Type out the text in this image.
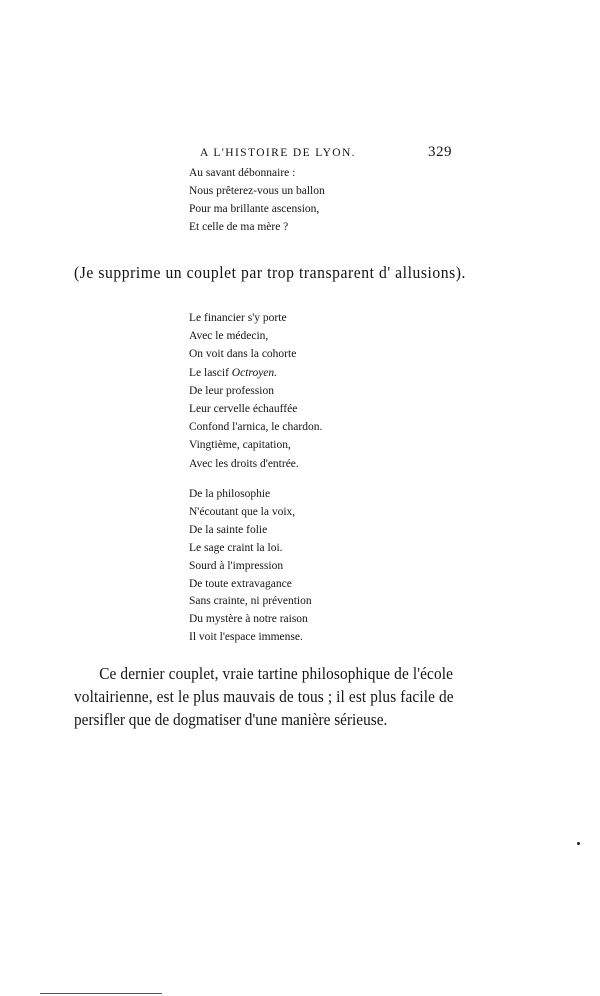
A L'HISTOIRE DE LYON.	329
Au savant débonnaire :
Nous prêterez-vous un ballon
Pour ma brillante ascension,
Et celle de ma mère ?
(Je supprime un couplet par trop transparent d' allusions).
Le financier s'y porte
Avec le médecin,
On voit dans la cohorte
Le lascif Octroyen.
De leur profession
Leur cervelle échauffée
Confond l'arnica, le chardon.
Vingtième, capitation,
Avec les droits d'entrée.
De la philosophie
N'écoutant que la voix,
De la sainte folie
Le sage craint la loi.
Sourd à l'impression
De toute extravagance
Sans crainte, ni prévention
Du mystère à notre raison
Il voit l'espace immense.
Ce dernier couplet, vraie tartine philosophique de l'école
voltairienne, est le plus mauvais de tous ; il est plus facile de
persifler que de dogmatiser d'une manière sérieuse.
